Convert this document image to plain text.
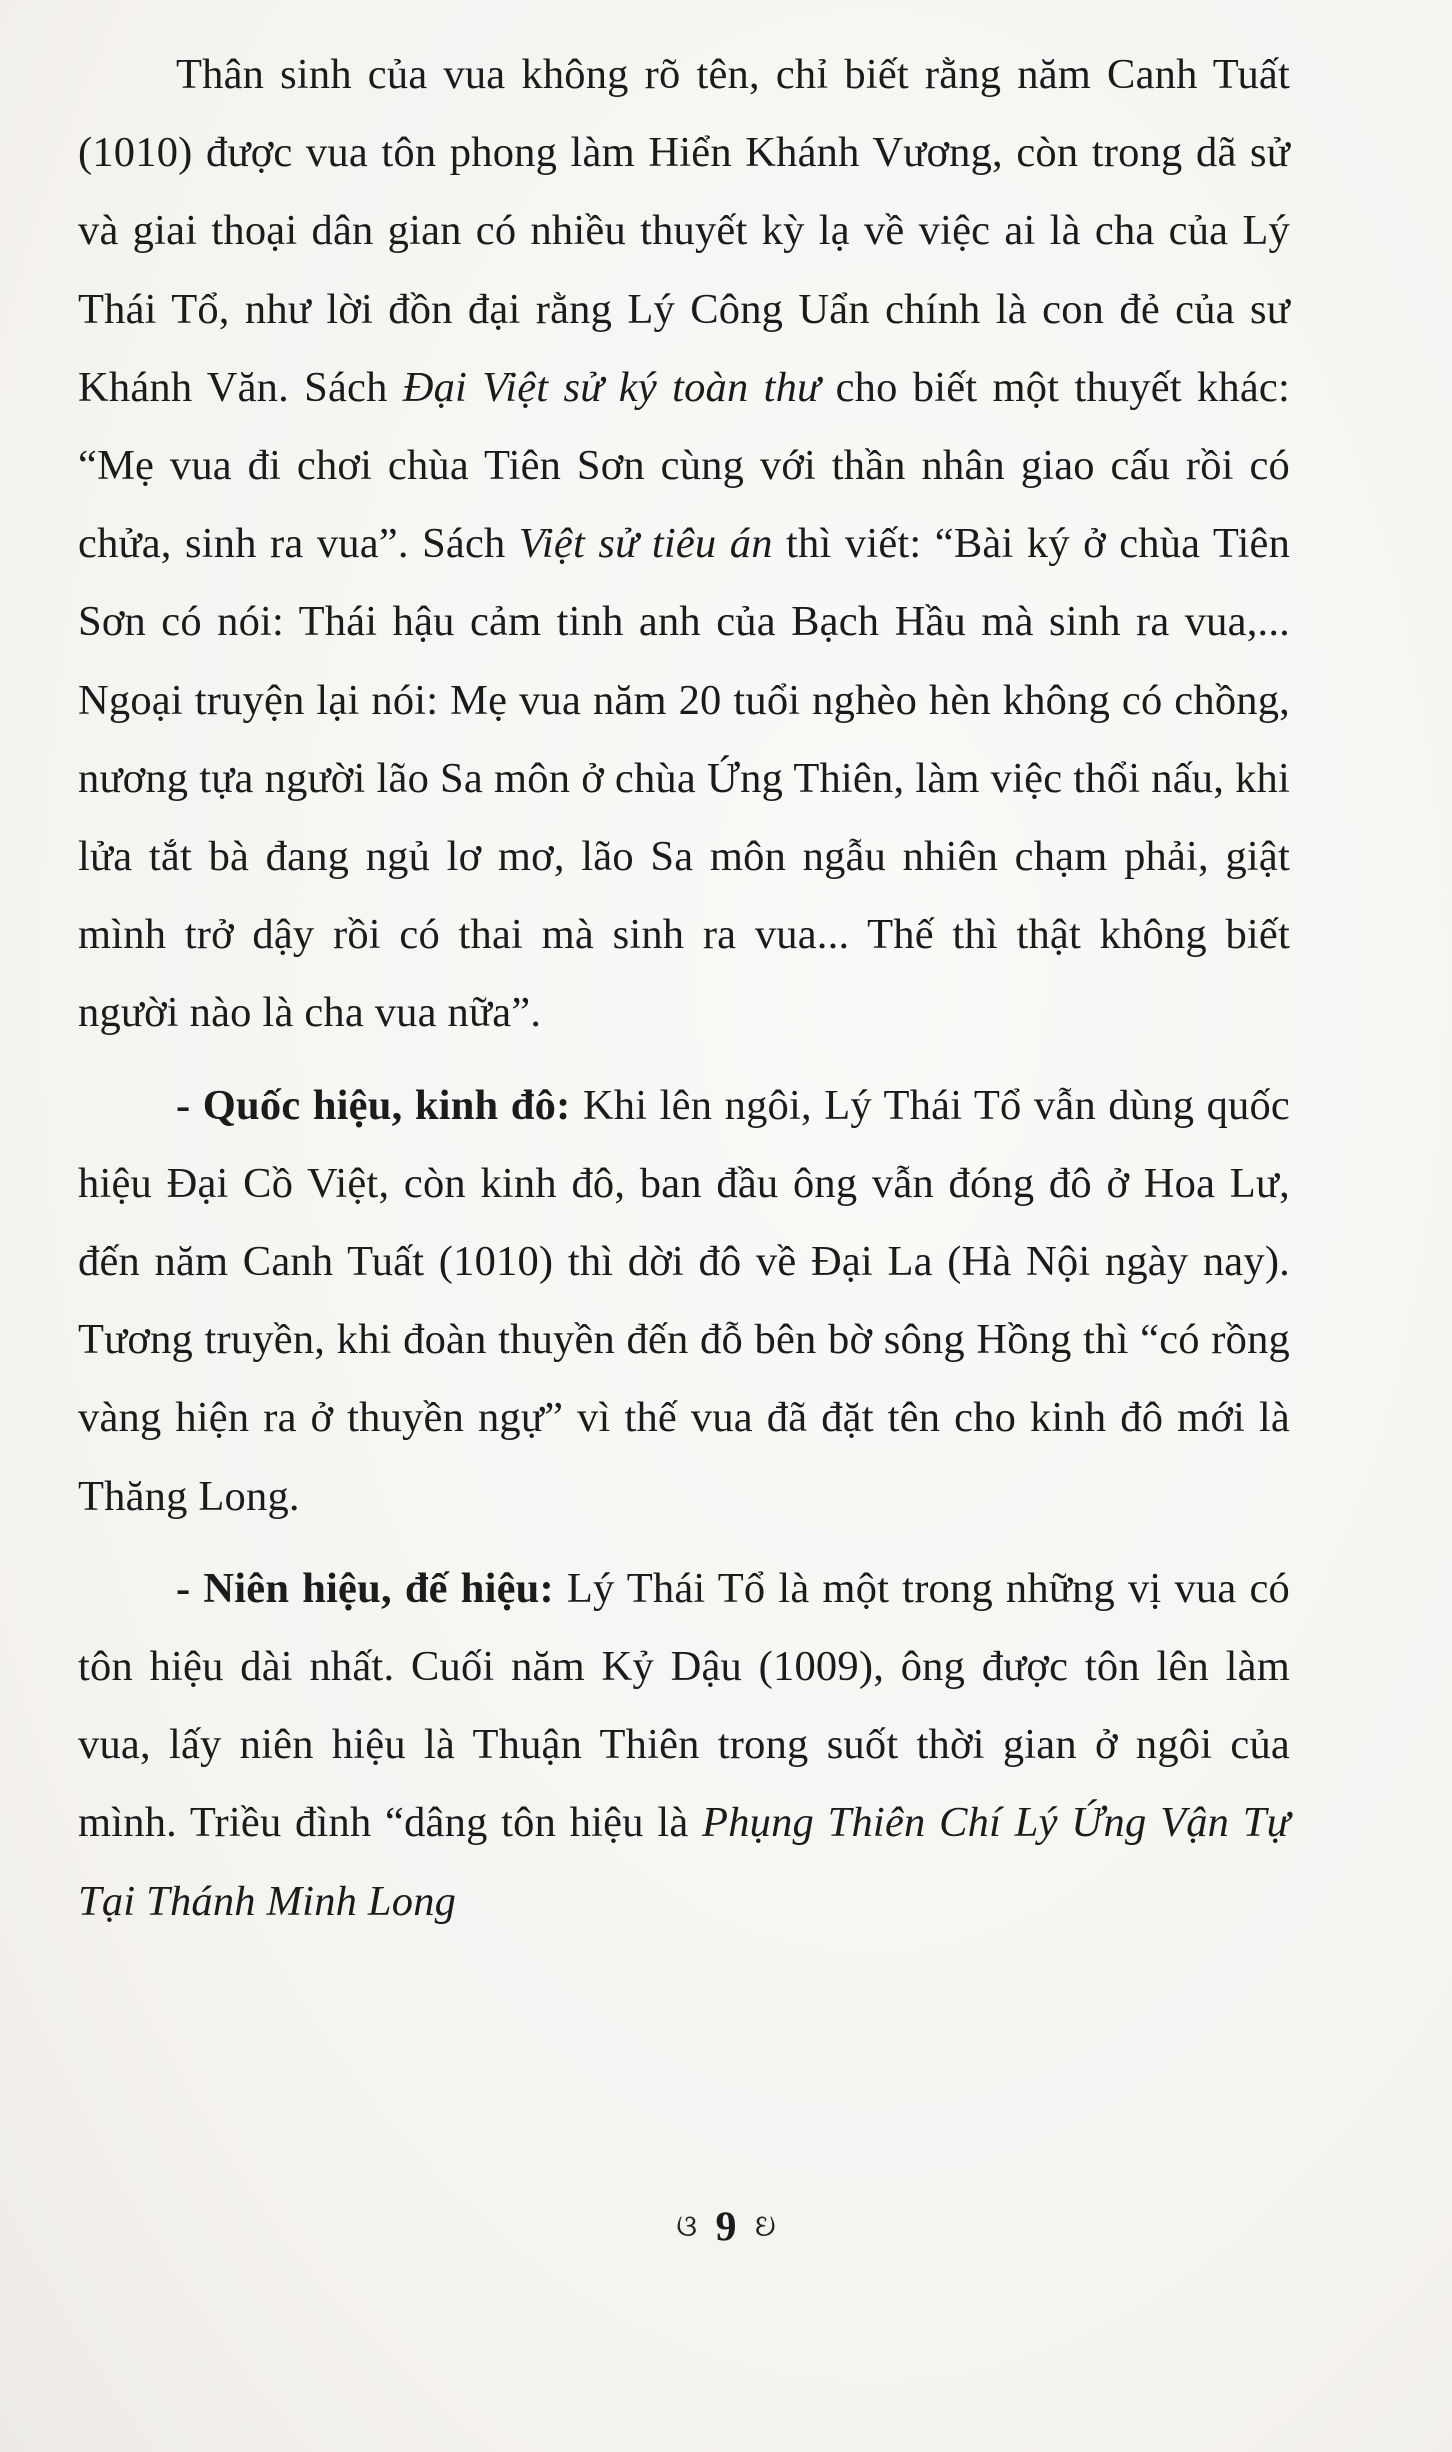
Thân sinh của vua không rõ tên, chỉ biết rằng năm Canh Tuất (1010) được vua tôn phong làm Hiển Khánh Vương, còn trong dã sử và giai thoại dân gian có nhiều thuyết kỳ lạ về việc ai là cha của Lý Thái Tổ, như lời đồn đại rằng Lý Công Uẩn chính là con đẻ của sư Khánh Văn. Sách Đại Việt sử ký toàn thư cho biết một thuyết khác: “Mẹ vua đi chơi chùa Tiên Sơn cùng với thần nhân giao cấu rồi có chửa, sinh ra vua”. Sách Việt sử tiêu án thì viết: “Bài ký ở chùa Tiên Sơn có nói: Thái hậu cảm tinh anh của Bạch Hầu mà sinh ra vua,... Ngoại truyện lại nói: Mẹ vua năm 20 tuổi nghèo hèn không có chồng, nương tựa người lão Sa môn ở chùa Ứng Thiên, làm việc thổi nấu, khi lửa tắt bà đang ngủ lơ mơ, lão Sa môn ngẫu nhiên chạm phải, giật mình trở dậy rồi có thai mà sinh ra vua... Thế thì thật không biết người nào là cha vua nữa”.

- Quốc hiệu, kinh đô: Khi lên ngôi, Lý Thái Tổ vẫn dùng quốc hiệu Đại Cồ Việt, còn kinh đô, ban đầu ông vẫn đóng đô ở Hoa Lư, đến năm Canh Tuất (1010) thì dời đô về Đại La (Hà Nội ngày nay). Tương truyền, khi đoàn thuyền đến đỗ bên bờ sông Hồng thì “có rồng vàng hiện ra ở thuyền ngự” vì thế vua đã đặt tên cho kinh đô mới là Thăng Long.

- Niên hiệu, đế hiệu: Lý Thái Tổ là một trong những vị vua có tôn hiệu dài nhất. Cuối năm Kỷ Dậu (1009), ông được tôn lên làm vua, lấy niên hiệu là Thuận Thiên trong suốt thời gian ở ngôi của mình. Triều đình “dâng tôn hiệu là Phụng Thiên Chí Lý Ứng Vận Tự Tại Thánh Minh Long

ଓ 9 ଓ
